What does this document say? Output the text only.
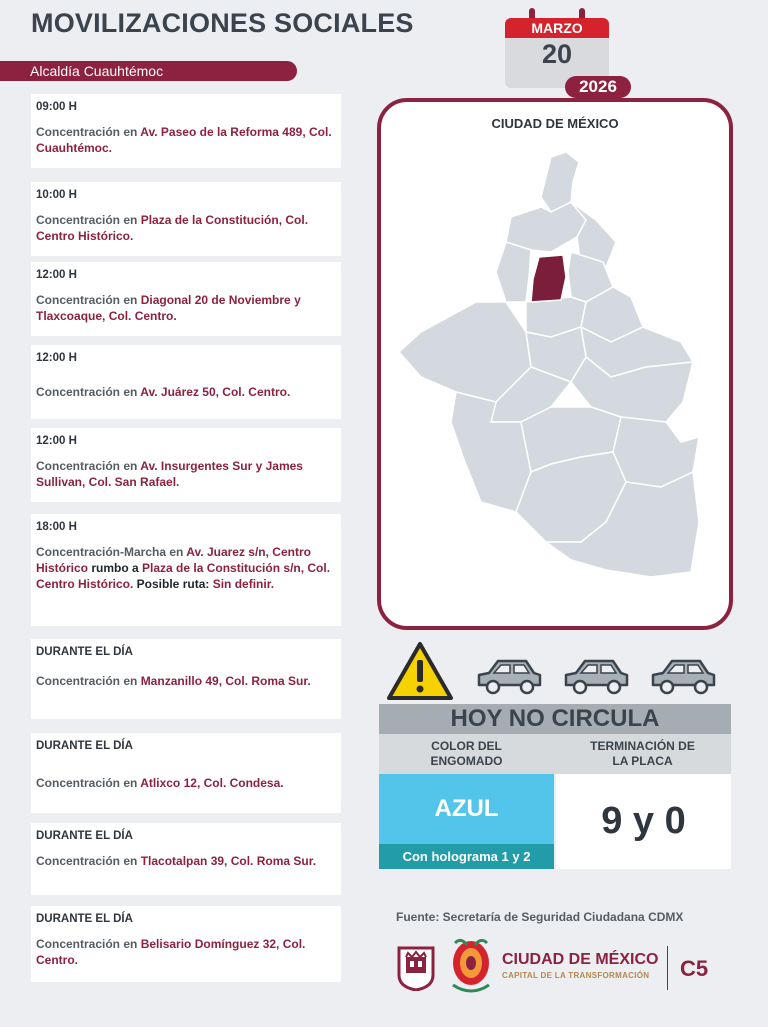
MOVILIZACIONES SOCIALES
Alcaldía Cuauhtémoc
MARZO
20
2026
09:00 H
Concentración en Av. Paseo de la Reforma 489, Col. Cuauhtémoc.
10:00 H
Concentración en Plaza de la Constitución, Col. Centro Histórico.
12:00 H
Concentración en Diagonal 20 de Noviembre y Tlaxcoaque, Col. Centro.
12:00 H
Concentración en Av. Juárez 50, Col. Centro.
12:00 H
Concentración en Av. Insurgentes Sur y James Sullivan, Col. San Rafael.
18:00 H
Concentración-Marcha en Av. Juarez s/n, Centro Histórico rumbo a Plaza de la Constitución s/n, Col. Centro Histórico. Posible ruta: Sin definir.
DURANTE EL DÍA
Concentración en Manzanillo 49, Col. Roma Sur.
DURANTE EL DÍA
Concentración en Atlixco 12, Col. Condesa.
DURANTE EL DÍA
Concentración en Tlacotalpan 39, Col. Roma Sur.
DURANTE EL DÍA
Concentración en Belisario Domínguez 32, Col. Centro.
CIUDAD DE MÉXICO
HOY NO CIRCULA
COLOR DEL ENGOMADO
TERMINACIÓN DE LA PLACA
AZUL
Con holograma 1 y 2
9 y 0
Fuente: Secretaría de Seguridad Ciudadana CDMX
CIUDAD DE MÉXICO
CAPITAL DE LA TRANSFORMACIÓN C5
